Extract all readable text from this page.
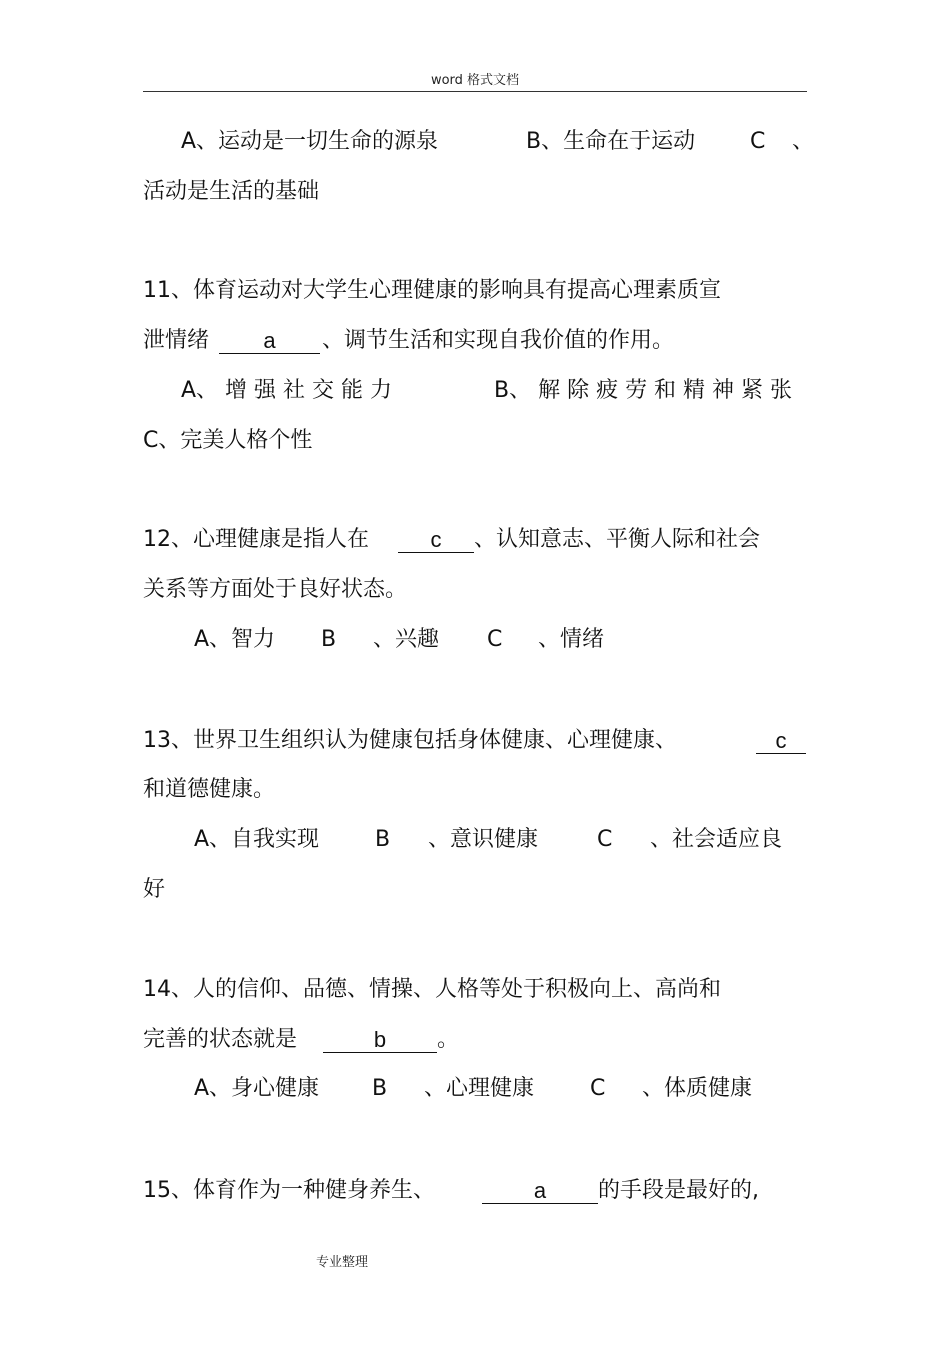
word 格式文档
A、运动是一切生命的源泉	B、生命在于运动 C 、
活动是生活的基础
11、体育运动对大学生心理健康的影响具有提高心理素质宣
泄情绪	a	、调节生活和实现自我价值的作用。
A、 增 强 社 交 能 力	B、 解 除 疲 劳 和 精 神 紧 张
C、完美人格个性
12、心理健康是指人在	c	、认知意志、平衡人际和社会
关系等方面处于良好状态。
A、智力 B 、兴趣 C 、情绪
13、世界卫生组织认为健康包括身体健康、心理健康、	c
和道德健康。
A、自我实现	B 、意识健康	C 、社会适应良
好
14、人的信仰、品德、情操、人格等处于积极向上、高尚和
完善的状态就是	b	。
A、身心健康 B 、心理健康	C 、体质健康
15、体育作为一种健身养生、	a	的手段是最好的,
专业整理
